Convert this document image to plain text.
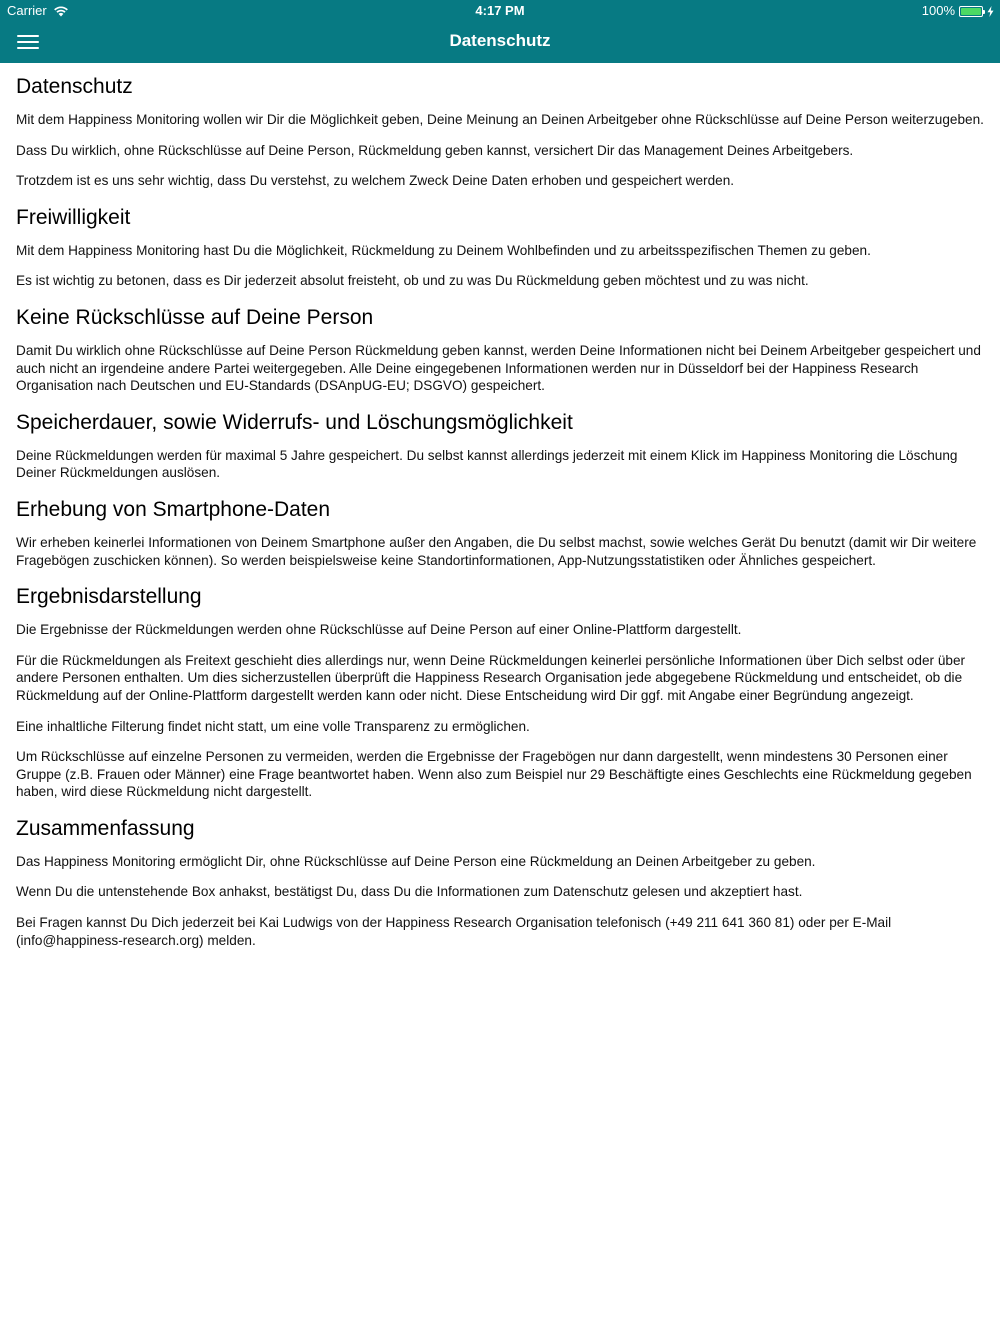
Carrier	4:17 PM	100%
Datenschutz
Datenschutz

Mit dem Happiness Monitoring wollen wir Dir die Möglichkeit geben, Deine Meinung an Deinen Arbeitgeber ohne Rückschlüsse auf Deine Person weiterzugeben.

Dass Du wirklich, ohne Rückschlüsse auf Deine Person, Rückmeldung geben kannst, versichert Dir das Management Deines Arbeitgebers.

Trotzdem ist es uns sehr wichtig, dass Du verstehst, zu welchem Zweck Deine Daten erhoben und gespeichert werden.

Freiwilligkeit

Mit dem Happiness Monitoring hast Du die Möglichkeit, Rückmeldung zu Deinem Wohlbefinden und zu arbeitsspezifischen Themen zu geben.

Es ist wichtig zu betonen, dass es Dir jederzeit absolut freisteht, ob und zu was Du Rückmeldung geben möchtest und zu was nicht.

Keine Rückschlüsse auf Deine Person

Damit Du wirklich ohne Rückschlüsse auf Deine Person Rückmeldung geben kannst, werden Deine Informationen nicht bei Deinem Arbeitgeber gespeichert und auch nicht an irgendeine andere Partei weitergegeben. Alle Deine eingegebenen Informationen werden nur in Düsseldorf bei der Happiness Research Organisation nach Deutschen und EU-Standards (DSAnpUG-EU; DSGVO) gespeichert.

Speicherdauer, sowie Widerrufs- und Löschungsmöglichkeit

Deine Rückmeldungen werden für maximal 5 Jahre gespeichert. Du selbst kannst allerdings jederzeit mit einem Klick im Happiness Monitoring die Löschung Deiner Rückmeldungen auslösen.

Erhebung von Smartphone-Daten

Wir erheben keinerlei Informationen von Deinem Smartphone außer den Angaben, die Du selbst machst, sowie welches Gerät Du benutzt (damit wir Dir weitere Fragebögen zuschicken können). So werden beispielsweise keine Standortinformationen, App-Nutzungsstatistiken oder Ähnliches gespeichert.

Ergebnisdarstellung

Die Ergebnisse der Rückmeldungen werden ohne Rückschlüsse auf Deine Person auf einer Online-Plattform dargestellt.

Für die Rückmeldungen als Freitext geschieht dies allerdings nur, wenn Deine Rückmeldungen keinerlei persönliche Informationen über Dich selbst oder über andere Personen enthalten. Um dies sicherzustellen überprüft die Happiness Research Organisation jede abgegebene Rückmeldung und entscheidet, ob die Rückmeldung auf der Online-Plattform dargestellt werden kann oder nicht. Diese Entscheidung wird Dir ggf. mit Angabe einer Begründung angezeigt.

Eine inhaltliche Filterung findet nicht statt, um eine volle Transparenz zu ermöglichen.

Um Rückschlüsse auf einzelne Personen zu vermeiden, werden die Ergebnisse der Fragebögen nur dann dargestellt, wenn mindestens 30 Personen einer Gruppe (z.B. Frauen oder Männer) eine Frage beantwortet haben. Wenn also zum Beispiel nur 29 Beschäftigte eines Geschlechts eine Rückmeldung gegeben haben, wird diese Rückmeldung nicht dargestellt.

Zusammenfassung

Das Happiness Monitoring ermöglicht Dir, ohne Rückschlüsse auf Deine Person eine Rückmeldung an Deinen Arbeitgeber zu geben.

Wenn Du die untenstehende Box anhakst, bestätigst Du, dass Du die Informationen zum Datenschutz gelesen und akzeptiert hast.

Bei Fragen kannst Du Dich jederzeit bei Kai Ludwigs von der Happiness Research Organisation telefonisch (+49 211 641 360 81) oder per E-Mail (info@happiness-research.org) melden.
